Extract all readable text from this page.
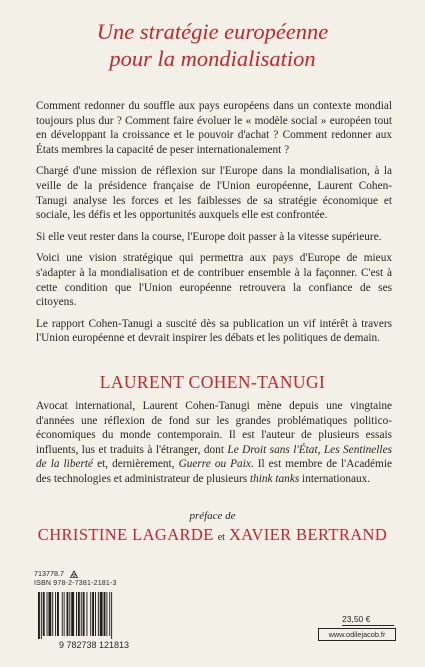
Une stratégie européenne
pour la mondialisation

Comment redonner du souffle aux pays européens dans un contexte mondial toujours plus dur ? Comment faire évoluer le « modèle social » européen tout en développant la croissance et le pouvoir d'achat ? Comment redonner aux États membres la capacité de peser internationalement ?

Chargé d'une mission de réflexion sur l'Europe dans la mondialisation, à la veille de la présidence française de l'Union européenne, Laurent Cohen-Tanugi analyse les forces et les faiblesses de sa stratégie économique et sociale, les défis et les opportunités auxquels elle est confrontée.

Si elle veut rester dans la course, l'Europe doit passer à la vitesse supérieure.

Voici une vision stratégique qui permettra aux pays d'Europe de mieux s'adapter à la mondialisation et de contribuer ensemble à la façonner. C'est à cette condition que l'Union européenne retrouvera la confiance de ses citoyens.

Le rapport Cohen-Tanugi a suscité dès sa publication un vif intérêt à travers l'Union européenne et devrait inspirer les débats et les politiques de demain.

LAURENT COHEN-TANUGI

Avocat international, Laurent Cohen-Tanugi mène depuis une vingtaine d'années une réflexion de fond sur les grandes problématiques politico-économiques du monde contemporain. Il est l'auteur de plusieurs essais influents, lus et traduits à l'étranger, dont Le Droit sans l'État, Les Sentinelles de la liberté et, dernièrement, Guerre ou Paix. Il est membre de l'Académie des technologies et administrateur de plusieurs think tanks internationaux.

préface de
CHRISTINE LAGARDE et XAVIER BERTRAND
713778.7
ISBN 978-2-7381-2181-3
9 782738 121813
23,50 €
www.odilejacob.fr
